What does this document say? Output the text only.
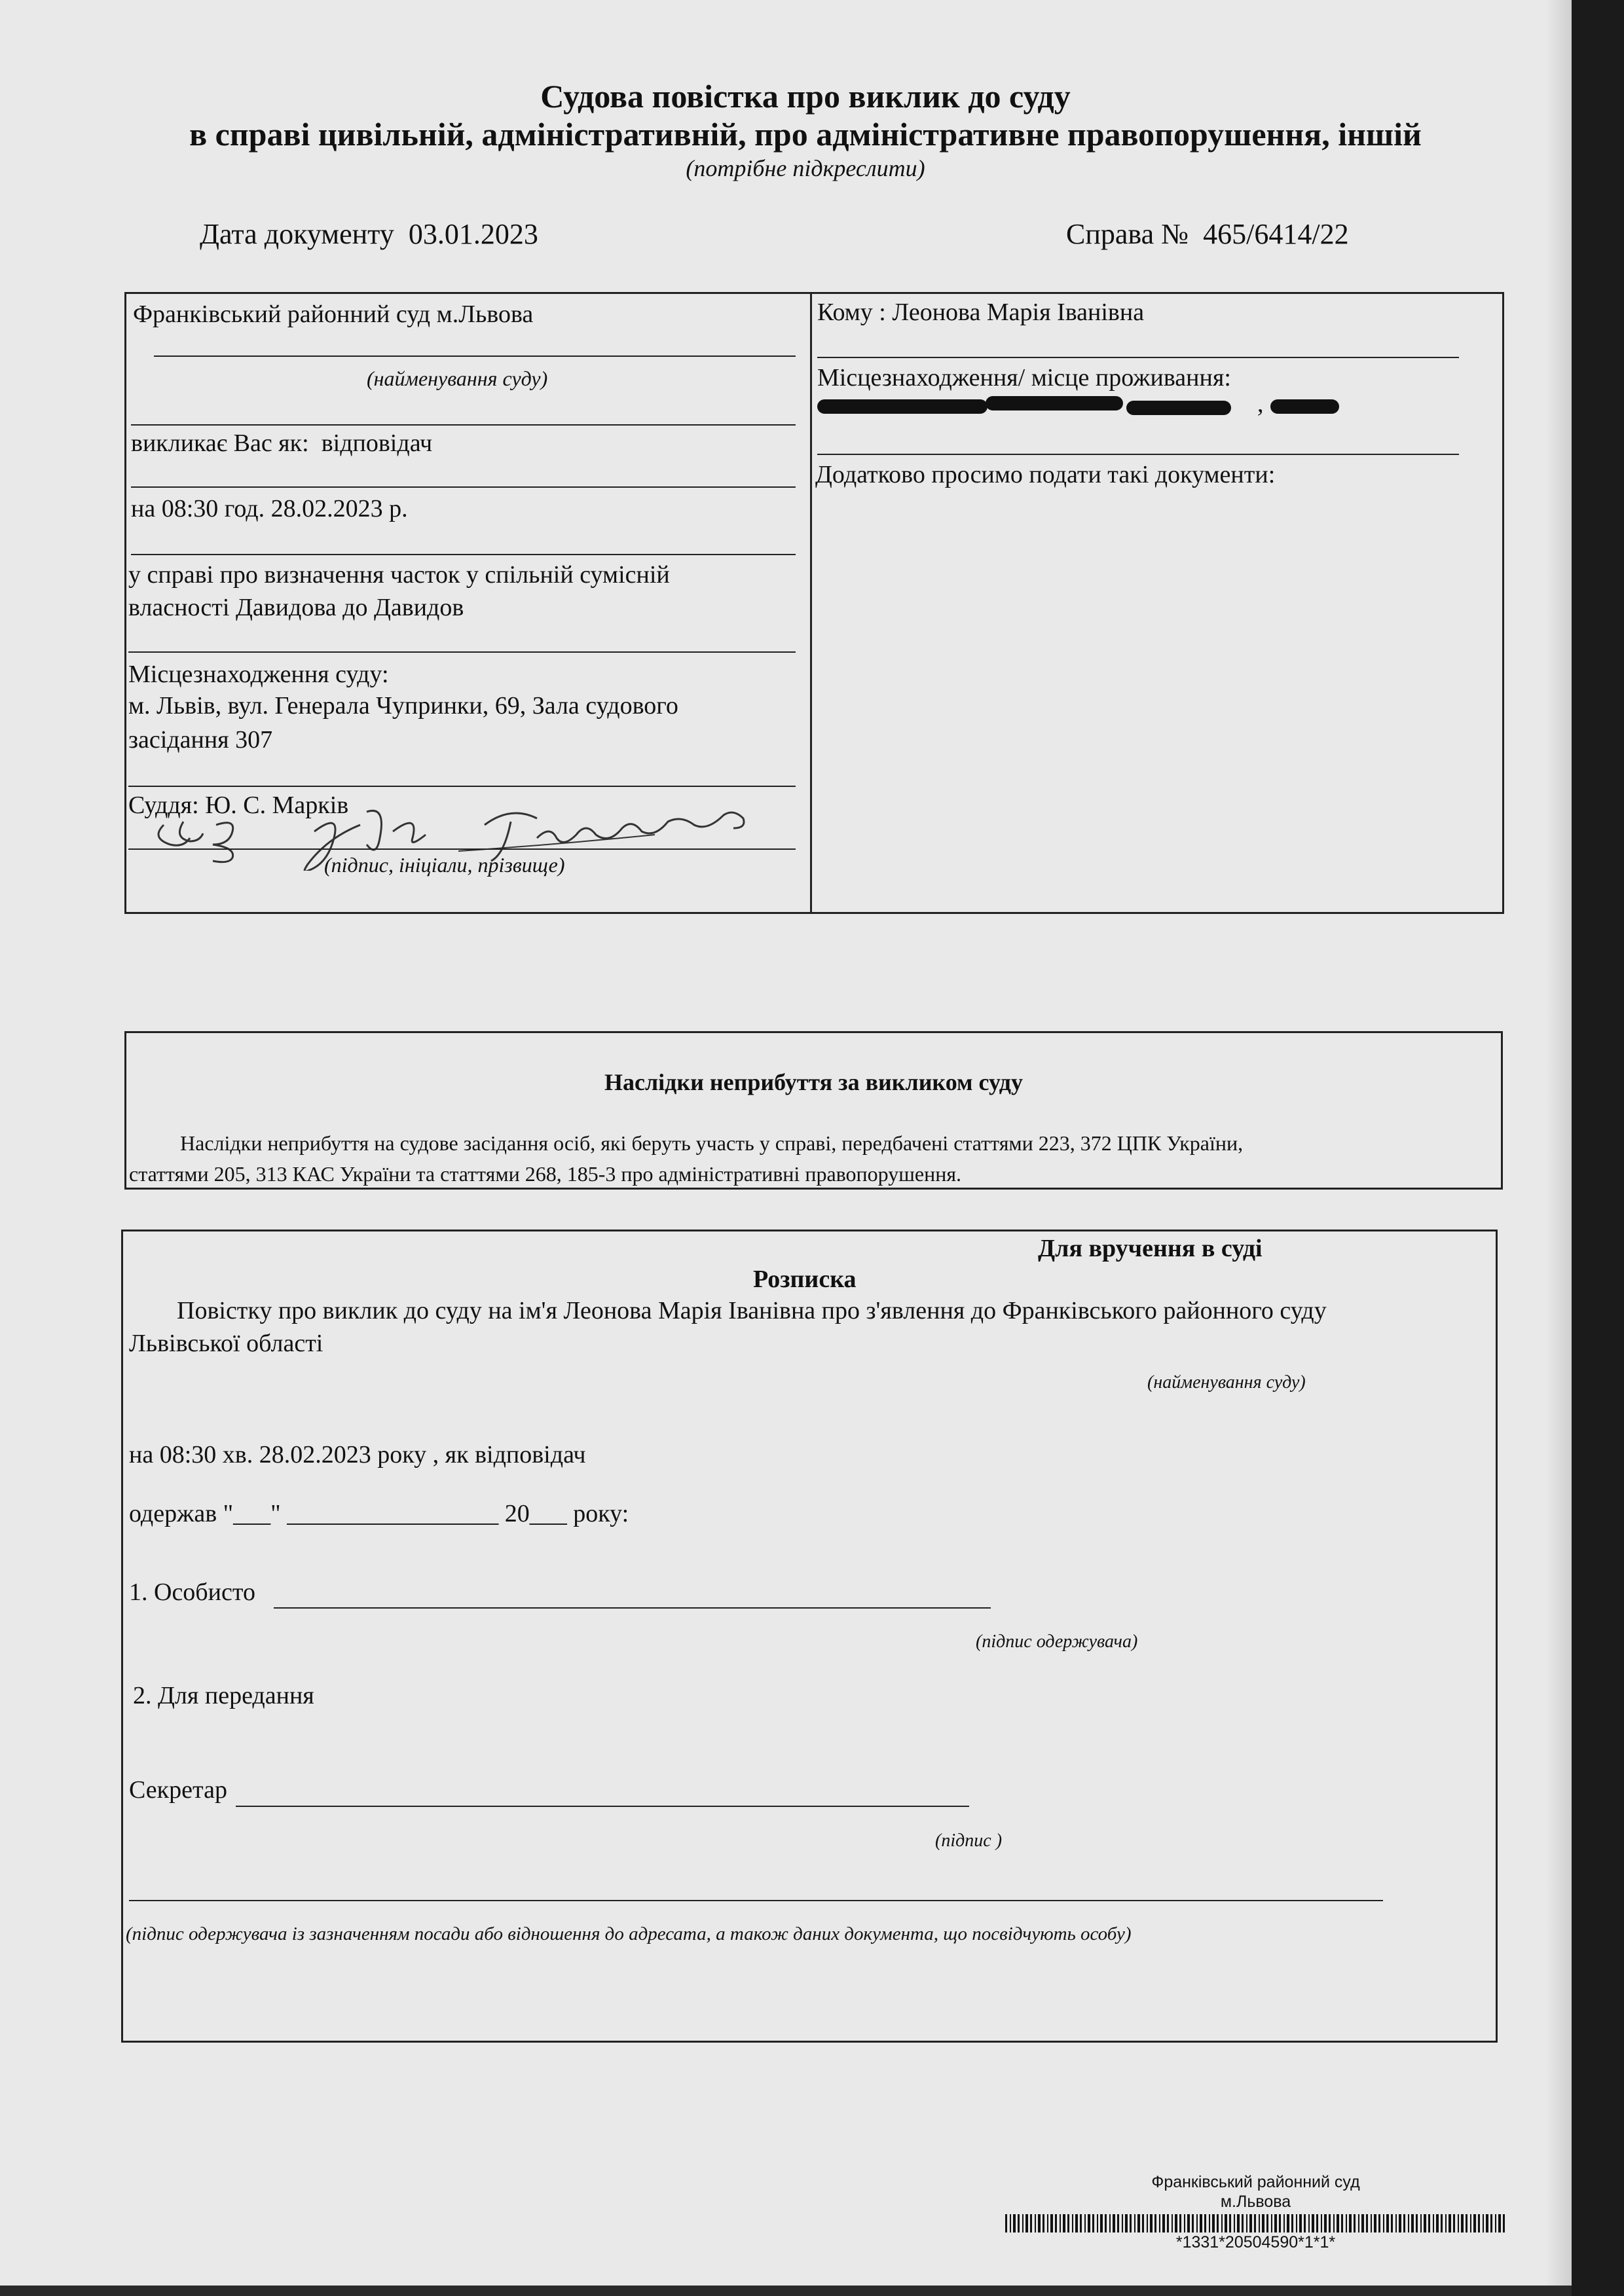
Судова повістка про виклик до суду
в справі цивільній, адміністративній, про адміністративне правопорушення, іншій
(потрібне підкреслити)
Дата документу 03.01.2023	Справа № 465/6414/22
Франківський районний суд м.Львова
(найменування суду)
викликає Вас як: відповідач
на 08:30 год. 28.02.2023 р.
у справі про визначення часток у спільній сумісній
власності Давидова до Давидов
Місцезнаходження суду:
м. Львів, вул. Генерала Чупринки, 69, Зала судового
засідання 307
Суддя: Ю. С. Марків
(підпис, ініціали, прізвище)
Кому : Леонова Марія Іванівна
Місцезнаходження/ місце проживання:
,
Додатково просимо подати такі документи:
Наслідки неприбуття за викликом суду
Наслідки неприбуття на судове засідання осіб, які беруть участь у справі, передбачені статтями 223, 372 ЦПК України,
статтями 205, 313 КАС України та статтями 268, 185-3 про адміністративні правопорушення.
Для вручення в суді
Розписка
Повістку про виклик до суду на ім'я Леонова Марія Іванівна про з'явлення до Франківського районного суду
Львівської області
(найменування суду)
на 08:30 хв. 28.02.2023 року , як відповідач
одержав "___" _________________ 20___ року:
1. Особисто
(підпис одержувача)
2. Для передання
Секретар
(підпис )
(підпис одержувача із зазначенням посади або відношення до адресата, а також даних документа, що посвідчують особу)
Франківський районний суд
м.Львова
*1331*20504590*1*1*
